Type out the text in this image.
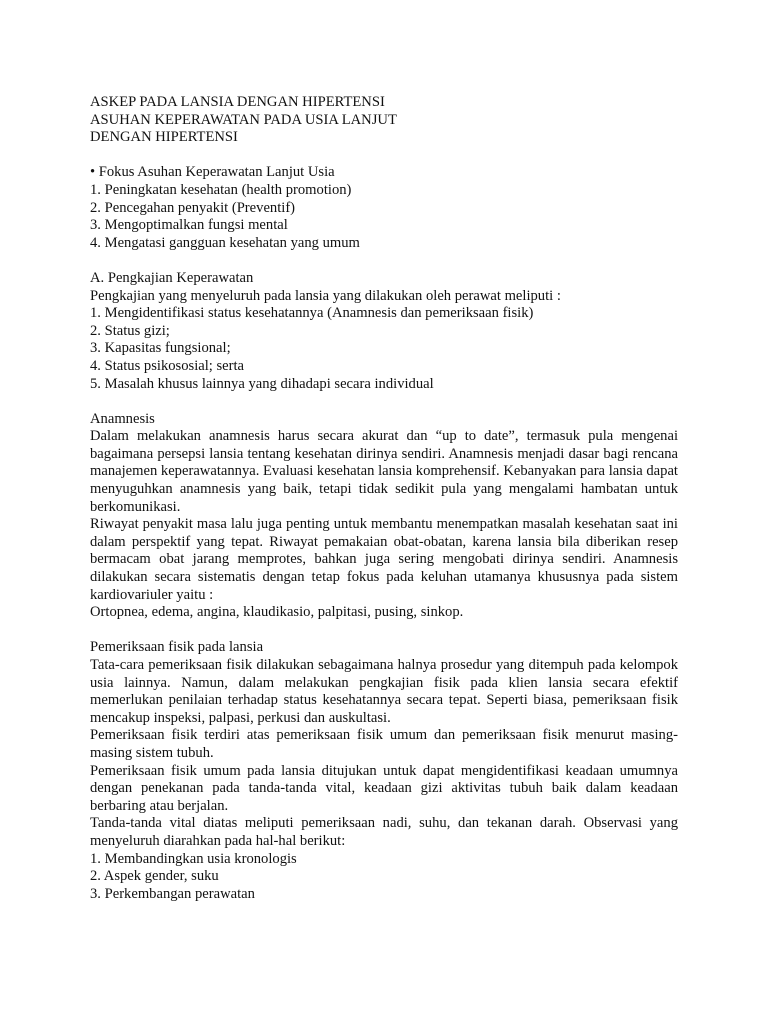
ASKEP PADA LANSIA DENGAN HIPERTENSI
ASUHAN KEPERAWATAN PADA USIA LANJUT
DENGAN HIPERTENSI
• Fokus Asuhan Keperawatan Lanjut Usia
1. Peningkatan kesehatan (health promotion)
2. Pencegahan penyakit (Preventif)
3. Mengoptimalkan fungsi mental
4. Mengatasi gangguan kesehatan yang umum
A. Pengkajian Keperawatan
Pengkajian yang menyeluruh pada lansia yang dilakukan oleh perawat meliputi :
1. Mengidentifikasi status kesehatannya (Anamnesis dan pemeriksaan fisik)
2. Status gizi;
3. Kapasitas fungsional;
4. Status psikososial; serta
5. Masalah khusus lainnya yang dihadapi secara individual
Anamnesis
Dalam melakukan anamnesis harus secara akurat dan “up to date”, termasuk pula mengenai bagaimana persepsi lansia tentang kesehatan dirinya sendiri. Anamnesis menjadi dasar bagi rencana manajemen keperawatannya. Evaluasi kesehatan lansia komprehensif. Kebanyakan para lansia dapat menyuguhkan anamnesis yang baik, tetapi tidak sedikit pula yang mengalami hambatan untuk berkomunikasi.
Riwayat penyakit masa lalu juga penting untuk membantu menempatkan masalah kesehatan saat ini dalam perspektif yang tepat. Riwayat pemakaian obat-obatan, karena lansia bila diberikan resep bermacam obat jarang memprotes, bahkan juga sering mengobati dirinya sendiri. Anamnesis dilakukan secara sistematis dengan tetap fokus pada keluhan utamanya khususnya pada sistem kardiovariuler yaitu :
Ortopnea, edema, angina, klaudikasio, palpitasi, pusing, sinkop.
Pemeriksaan fisik pada lansia
Tata-cara pemeriksaan fisik dilakukan sebagaimana halnya prosedur yang ditempuh pada kelompok usia lainnya. Namun, dalam melakukan pengkajian fisik pada klien lansia secara efektif memerlukan penilaian terhadap status kesehatannya secara tepat. Seperti biasa, pemeriksaan fisik mencakup inspeksi, palpasi, perkusi dan auskultasi.
Pemeriksaan fisik terdiri atas pemeriksaan fisik umum dan pemeriksaan fisik menurut masing-masing sistem tubuh.
Pemeriksaan fisik umum pada lansia ditujukan untuk dapat mengidentifikasi keadaan umumnya dengan penekanan pada tanda-tanda vital, keadaan gizi aktivitas tubuh baik dalam keadaan berbaring atau berjalan.
Tanda-tanda vital diatas meliputi pemeriksaan nadi, suhu, dan tekanan darah. Observasi yang menyeluruh diarahkan pada hal-hal berikut:
1. Membandingkan usia kronologis
2. Aspek gender, suku
3. Perkembangan perawatan
